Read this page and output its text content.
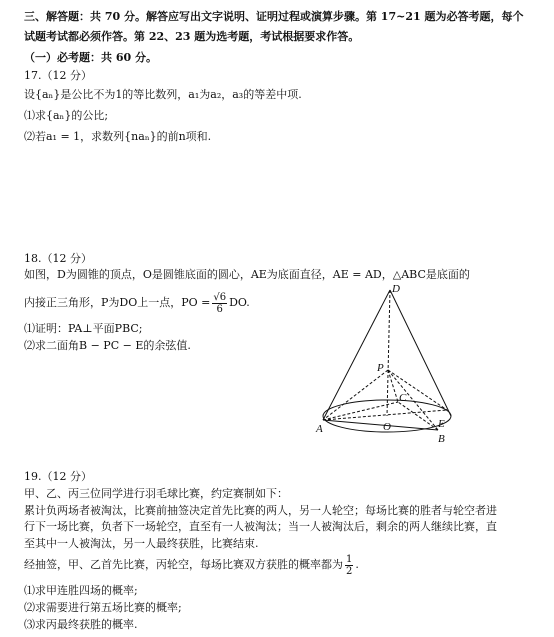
三、解答题：共 70 分。解答应写出文字说明、证明过程或演算步骤。第 17~21 题为必答考题，每个
试题考试都必须作答。第 22、23 题为选考题，考试根据要求作答。
（一）必考题：共 60 分。
17.（12 分）
设{aₙ}是公比不为1的等比数列，a₁为a₂，a₃的等差中项.
⑴求{aₙ}的公比;
⑵若a₁ = 1，求数列{naₙ}的前n项和.
18.（12 分）
如图，D为圆锥的顶点，O是圆锥底面的圆心，AE为底面直径，AE = AD，△ABC是底面的
内接正三角形，P为DO上一点，PO = $\frac{√6}{6}$ DO.
⑴证明：PA⊥平面PBC;
⑵求二面角B − PC − E的余弦值.
D
P
C
O
A	E
B
19.（12 分）
甲、乙、丙三位同学进行羽毛球比赛，约定赛制如下：
累计负两场者被淘汰，比赛前抽签决定首先比赛的两人，另一人轮空；每场比赛的胜者与轮空者进
行下一场比赛，负者下一场轮空，直至有一人被淘汰；当一人被淘汰后，剩余的两人继续比赛，直
至其中一人被淘汰，另一人最终获胜，比赛结束.
经抽签，甲、乙首先比赛，丙轮空，每场比赛双方获胜的概率都为 $\frac{1}{2}$ .
⑴求甲连胜四场的概率;
⑵求需要进行第五场比赛的概率;
⑶求丙最终获胜的概率.
